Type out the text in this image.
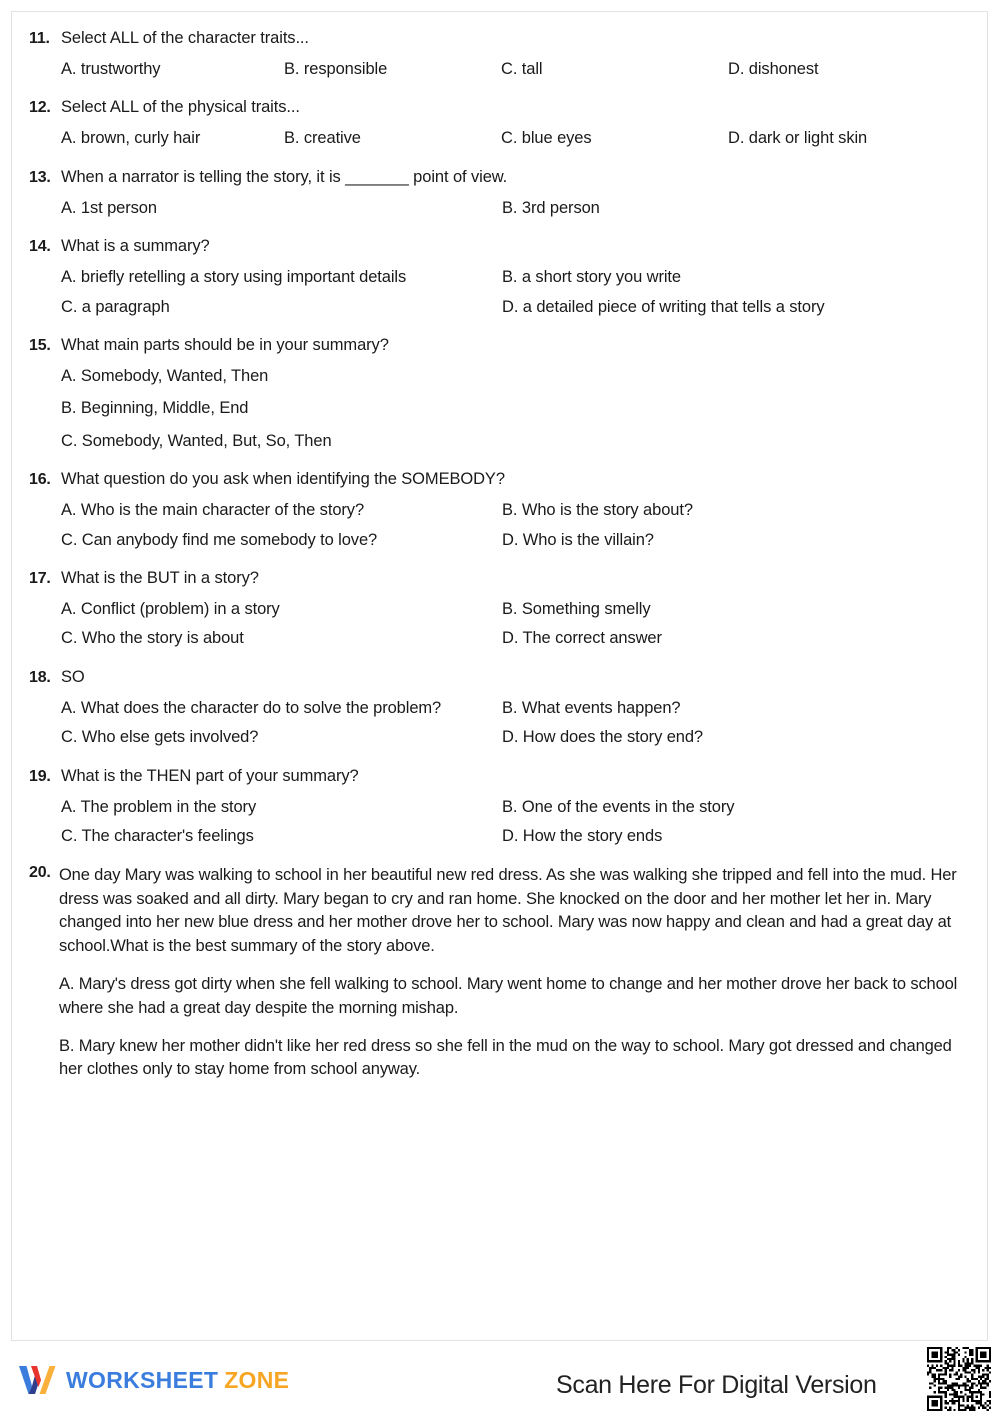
11. Select ALL of the character traits...
A. trustworthy	B. responsible	C. tall	D. dishonest
12. Select ALL of the physical traits...
A. brown, curly hair	B. creative	C. blue eyes	D. dark or light skin
13. When a narrator is telling the story, it is _______ point of view.
A. 1st person	B. 3rd person
14. What is a summary?
A. briefly retelling a story using important details	B. a short story you write
C. a paragraph	D. a detailed piece of writing that tells a story
15. What main parts should be in your summary?
A. Somebody, Wanted, Then
B. Beginning, Middle, End
C. Somebody, Wanted, But, So, Then
16. What question do you ask when identifying the SOMEBODY?
A. Who is the main character of the story?	B. Who is the story about?
C. Can anybody find me somebody to love?	D. Who is the villain?
17. What is the BUT in a story?
A. Conflict (problem) in a story	B. Something smelly
C. Who the story is about	D. The correct answer
18. SO
A. What does the character do to solve the problem?	B. What events happen?
C. Who else gets involved?	D. How does the story end?
19. What is the THEN part of your summary?
A. The problem in the story	B. One of the events in the story
C. The character's feelings	D. How the story ends
20. One day Mary was walking to school in her beautiful new red dress. As she was walking she tripped and fell into the mud. Her dress was soaked and all dirty. Mary began to cry and ran home. She knocked on the door and her mother let her in. Mary changed into her new blue dress and her mother drove her to school. Mary was now happy and clean and had a great day at school.What is the best summary of the story above.
A. Mary's dress got dirty when she fell walking to school. Mary went home to change and her mother drove her back to school where she had a great day despite the morning mishap.
B. Mary knew her mother didn't like her red dress so she fell in the mud on the way to school. Mary got dressed and changed her clothes only to stay home from school anyway.
WORKSHEET ZONE	Scan Here For Digital Version
